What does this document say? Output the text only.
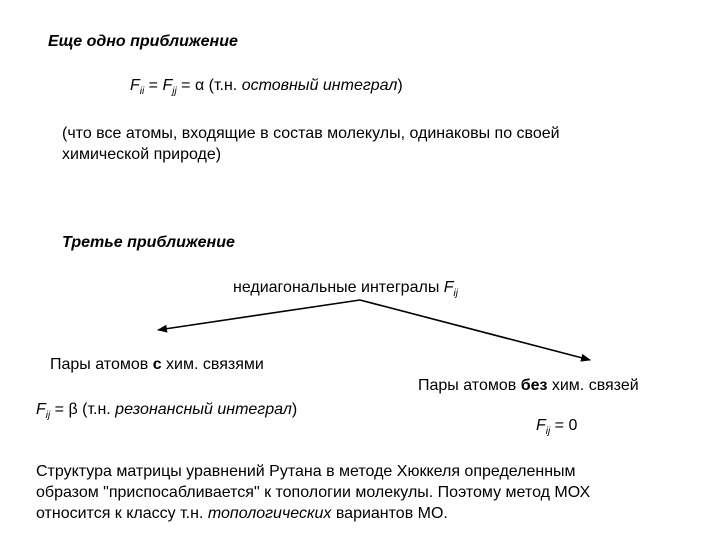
Еще одно приближение
$F_{ii} = F_{jj} = \alpha$ (т.н. остовный интеграл)
(что все атомы, входящие в состав молекулы, одинаковы по своей
химической природе)
Третье приближение
недиагональные интегралы $F_{ij}$
Пары атомов с хим. связями
Пары атомов без хим. связей
$F_{ij} = \beta$ (т.н. резонансный интеграл)
$F_{ij} = 0$
Структура матрицы уравнений Рутана в методе Хюккеля определенным
образом "приспосабливается" к топологии молекулы. Поэтому метод МОХ
относится к классу т.н. топологических вариантов МО.
